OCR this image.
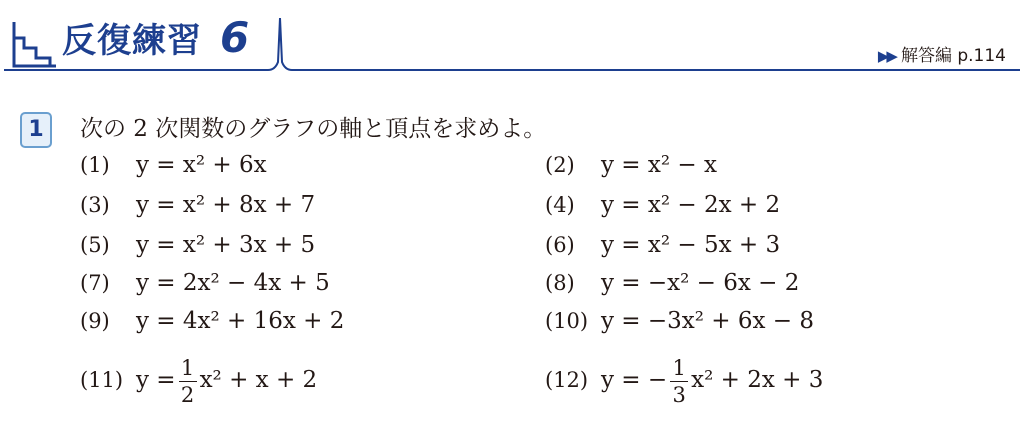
反復練習 6	▶▶ 解答編 p.114
1	次の 2 次関数のグラフの軸と頂点を求めよ。
(1) y = x² + 6x
(3) y = x² + 8x + 7
(5) y = x² + 3x + 5
(7) y = 2x² − 4x + 5
(9) y = 4x² + 16x + 2
(11) $y = \frac{1}{2} x^2 + x + 2$
(2) y = x² − x
(4) y = x² − 2x + 2
(6) y = x² − 5x + 3
(8) y = −x² − 6x − 2
(10) y = −3x² + 6x − 8
(12) y = − $\frac{1}{3} x^2 + 2x + 3$
